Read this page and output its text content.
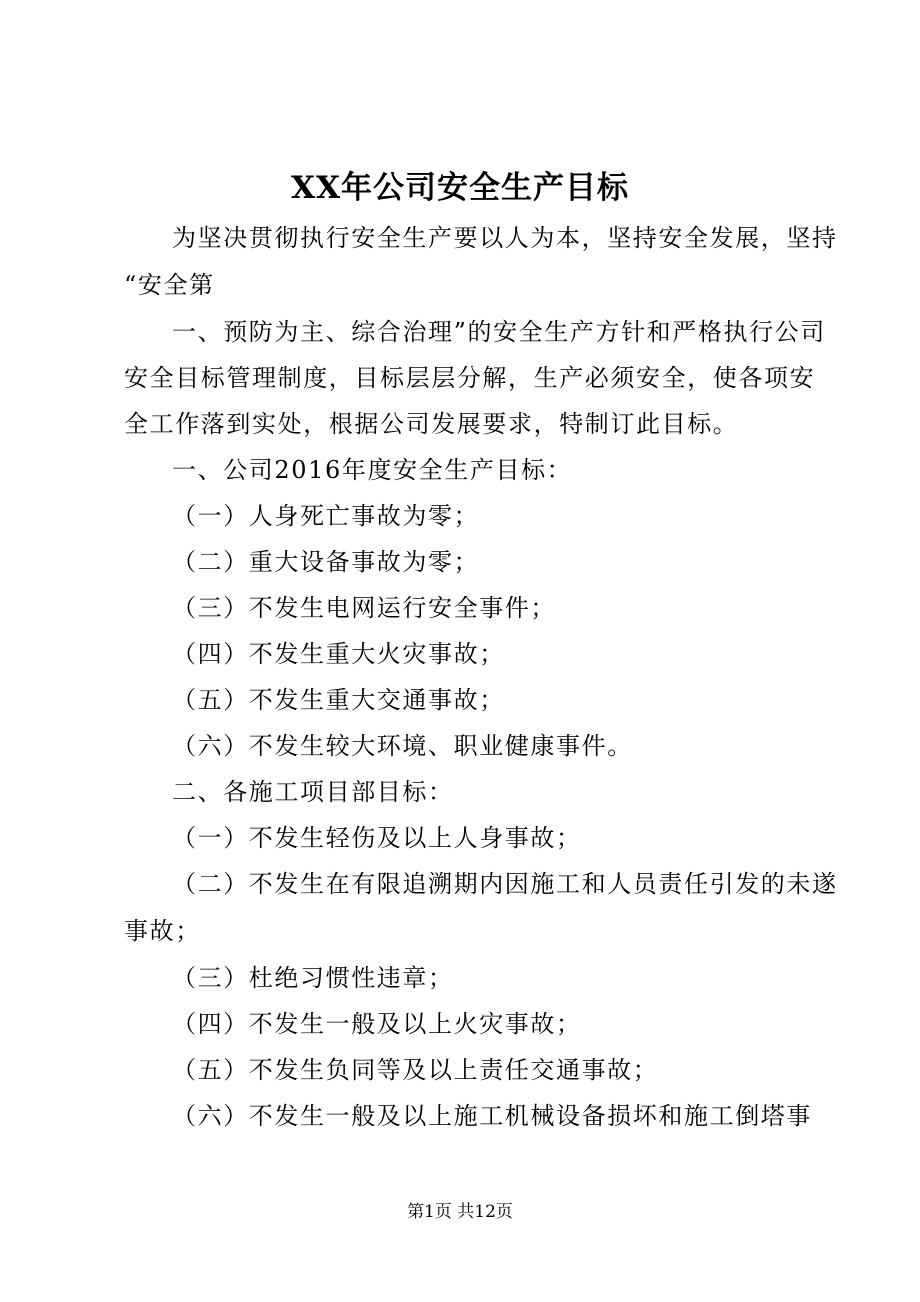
XX年公司安全生产目标
为坚决贯彻执行安全生产要以人为本，坚持安全发展，坚持
“安全第
一、预防为主、综合治理”的安全生产方针和严格执行公司
安全目标管理制度，目标层层分解，生产必须安全，使各项安
全工作落到实处，根据公司发展要求，特制订此目标。
一、公司2016年度安全生产目标：
（一）人身死亡事故为零；
（二）重大设备事故为零；
（三）不发生电网运行安全事件；
（四）不发生重大火灾事故；
（五）不发生重大交通事故；
（六）不发生较大环境、职业健康事件。
二、各施工项目部目标：
（一）不发生轻伤及以上人身事故；
（二）不发生在有限追溯期内因施工和人员责任引发的未遂
事故；
（三）杜绝习惯性违章；
（四）不发生一般及以上火灾事故；
（五）不发生负同等及以上责任交通事故；
（六）不发生一般及以上施工机械设备损坏和施工倒塔事
第1页 共12页
